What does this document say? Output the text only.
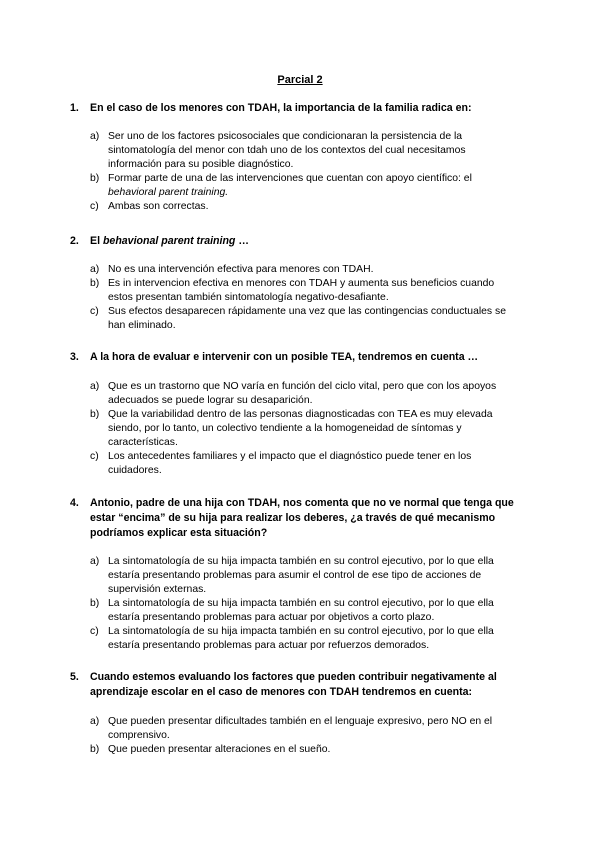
Parcial 2
1. En el caso de los menores con TDAH, la importancia de la familia radica en:
a) Ser uno de los factores psicosociales que condicionaran la persistencia de la sintomatología del menor con tdah uno de los contextos del cual necesitamos información para su posible diagnóstico.
b) Formar parte de una de las intervenciones que cuentan con apoyo científico: el behavioral parent training.
c) Ambas son correctas.
2. El behavional parent training …
a) No es una intervención efectiva para menores con TDAH.
b) Es in intervencion efectiva en menores con TDAH y aumenta sus beneficios cuando estos presentan también sintomatología negativo-desafiante.
c) Sus efectos desaparecen rápidamente una vez que las contingencias conductuales se han eliminado.
3. A la hora de evaluar e intervenir con un posible TEA, tendremos en cuenta …
a) Que es un trastorno que NO varía en función del ciclo vital, pero que con los apoyos adecuados se puede lograr su desaparición.
b) Que la variabilidad dentro de las personas diagnosticadas con TEA es muy elevada siendo, por lo tanto, un colectivo tendiente a la homogeneidad de síntomas y características.
c) Los antecedentes familiares y el impacto que el diagnóstico puede tener en los cuidadores.
4. Antonio, padre de una hija con TDAH, nos comenta que no ve normal que tenga que estar “encima” de su hija para realizar los deberes, ¿a través de qué mecanismo podríamos explicar esta situación?
a) La sintomatología de su hija impacta también en su control ejecutivo, por lo que ella estaría presentando problemas para asumir el control de ese tipo de acciones de supervisión externas.
b) La sintomatología de su hija impacta también en su control ejecutivo, por lo que ella estaría presentando problemas para actuar por objetivos a corto plazo.
c) La sintomatología de su hija impacta también en su control ejecutivo, por lo que ella estaría presentando problemas para actuar por refuerzos demorados.
5. Cuando estemos evaluando los factores que pueden contribuir negativamente al aprendizaje escolar en el caso de menores con TDAH tendremos en cuenta:
a) Que pueden presentar dificultades también en el lenguaje expresivo, pero NO en el comprensivo.
b) Que pueden presentar alteraciones en el sueño.
